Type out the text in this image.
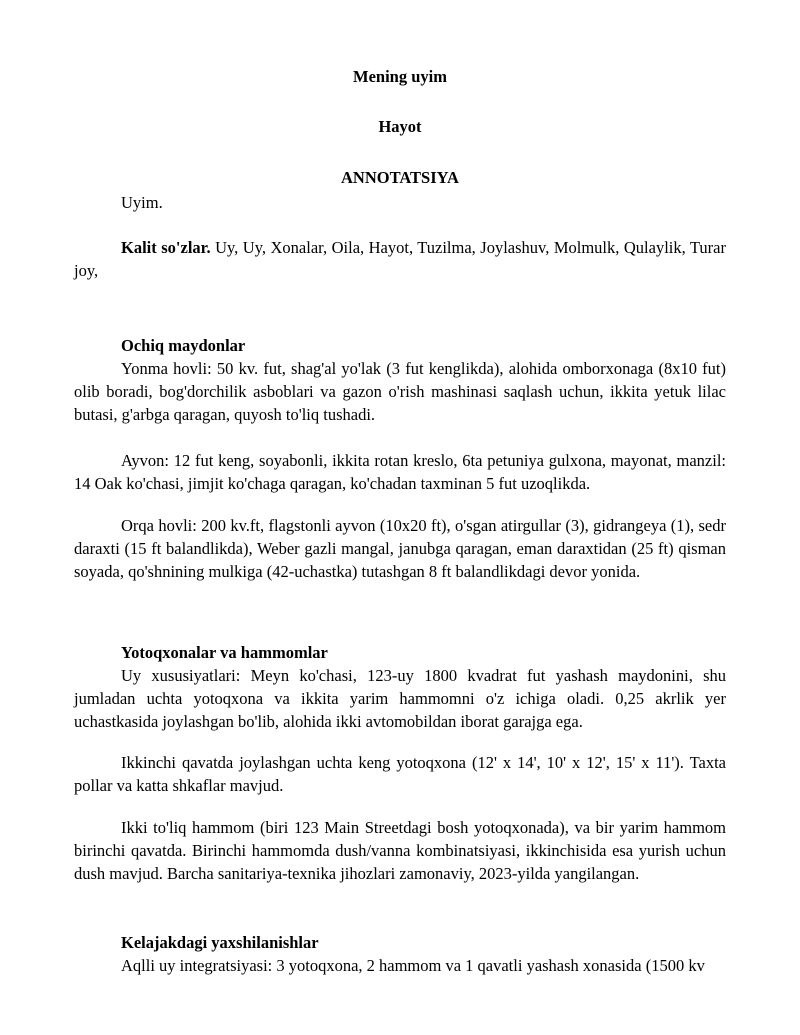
Mening uyim
Hayot
ANNOTATSIYA
Uyim.
Kalit so'zlar. Uy, Uy, Xonalar, Oila, Hayot, Tuzilma, Joylashuv, Molmulk, Qulaylik, Turar joy,
Ochiq maydonlar
Yonma hovli: 50 kv. fut, shag'al yo'lak (3 fut kenglikda), alohida omborxonaga (8x10 fut) olib boradi, bog'dorchilik asboblari va gazon o'rish mashinasi saqlash uchun, ikkita yetuk lilac butasi, g'arbga qaragan, quyosh to'liq tushadi.
Ayvon: 12 fut keng, soyabonli, ikkita rotan kreslo, 6ta petuniya gulxona, mayonat, manzil: 14 Oak ko'chasi, jimjit ko'chaga qaragan, ko'chadan taxminan 5 fut uzoqlikda.
Orqa hovli: 200 kv.ft, flagstonli ayvon (10x20 ft), o'sgan atirgullar (3), gidrangeya (1), sedr daraxti (15 ft balandlikda), Weber gazli mangal, janubga qaragan, eman daraxtidan (25 ft) qisman soyada, qo'shnining mulkiga (42-uchastka) tutashgan 8 ft balandlikdagi devor yonida.
Yotoqxonalar va hammomlar
Uy xususiyatlari: Meyn ko'chasi, 123-uy 1800 kvadrat fut yashash maydonini, shu jumladan uchta yotoqxona va ikkita yarim hammomni o'z ichiga oladi. 0,25 akrlik yer uchastkasida joylashgan bo'lib, alohida ikki avtomobildan iborat garajga ega.
Ikkinchi qavatda joylashgan uchta keng yotoqxona (12' x 14', 10' x 12', 15' x 11'). Taxta pollar va katta shkaflar mavjud.
Ikki to'liq hammom (biri 123 Main Streetdagi bosh yotoqxonada), va bir yarim hammom birinchi qavatda. Birinchi hammomda dush/vanna kombinatsiyasi, ikkinchisida esa yurish uchun dush mavjud. Barcha sanitariya-texnika jihozlari zamonaviy, 2023-yilda yangilangan.
Kelajakdagi yaxshilanishlar
Aqlli uy integratsiyasi: 3 yotoqxona, 2 hammom va 1 qavatli yashash xonasida (1500 kv
